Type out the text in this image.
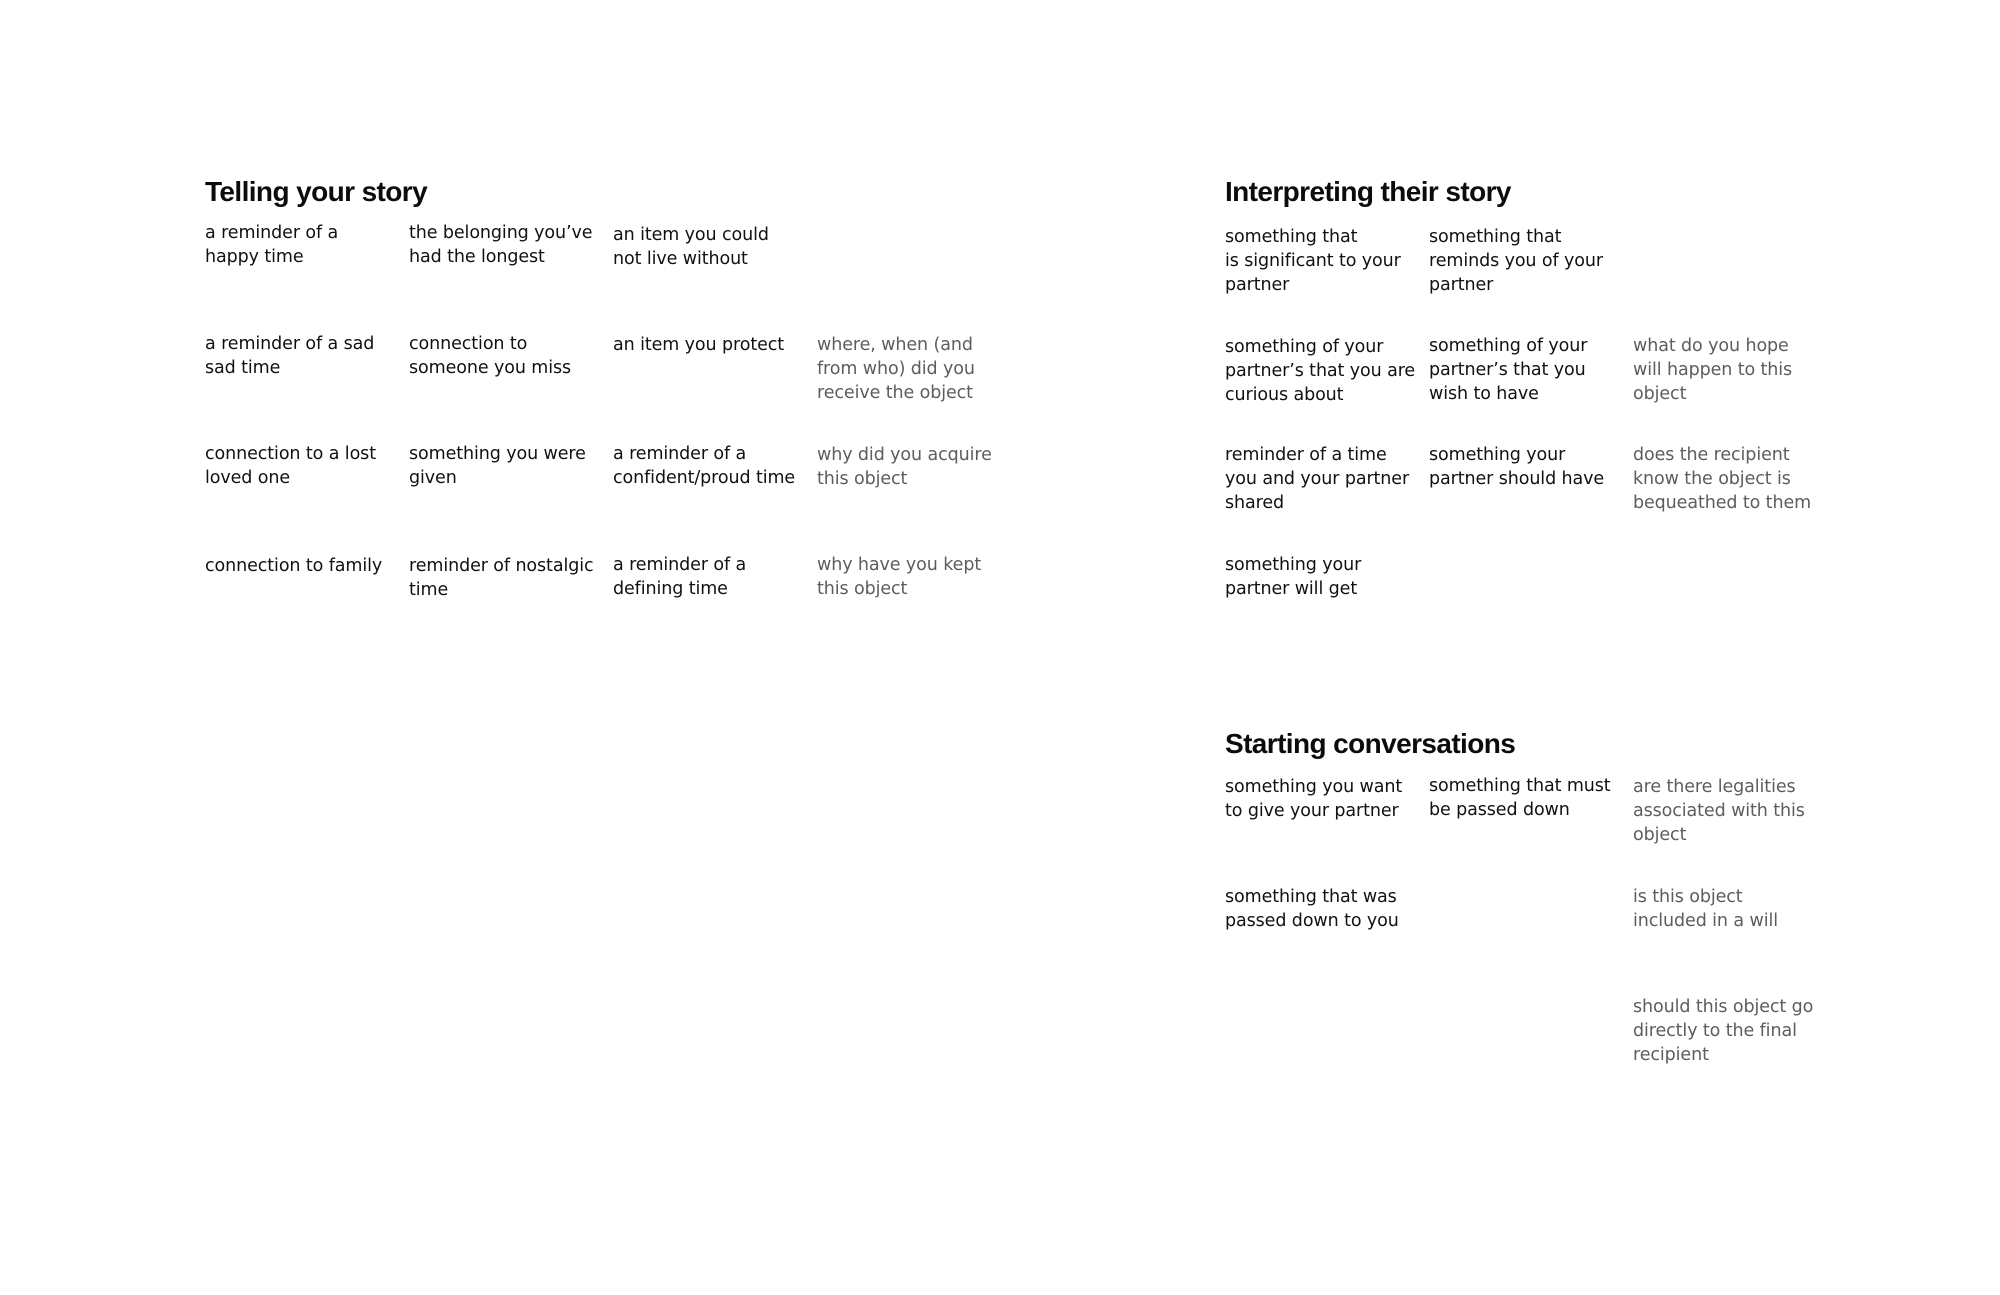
Telling your story

a reminder of a
happy time

the belonging you’ve
had the longest

an item you could
not live without

a reminder of a sad
sad time

connection to
someone you miss

an item you protect	where, when (and
from who) did you
receive the object

connection to a lost
loved one

something you were
given

a reminder of a
confident/proud time

why did you acquire
this object

connection to family	reminder of nostalgic
time

a reminder of a
defining time

why have you kept
this object

Interpreting their story

something that
is significant to your
partner

something that
reminds you of your
partner

something of your
partner’s that you are
curious about

something of your
partner’s that you
wish to have

what do you hope
will happen to this
object

reminder of a time
you and your partner
shared

something your
partner should have

does the recipient
know the object is
bequeathed to them

something your
partner will get

Starting conversations

something you want
to give your partner

something that must
be passed down

are there legalities
associated with this
object

something that was
passed down to you

is this object
included in a will

should this object go
directly to the final
recipient
